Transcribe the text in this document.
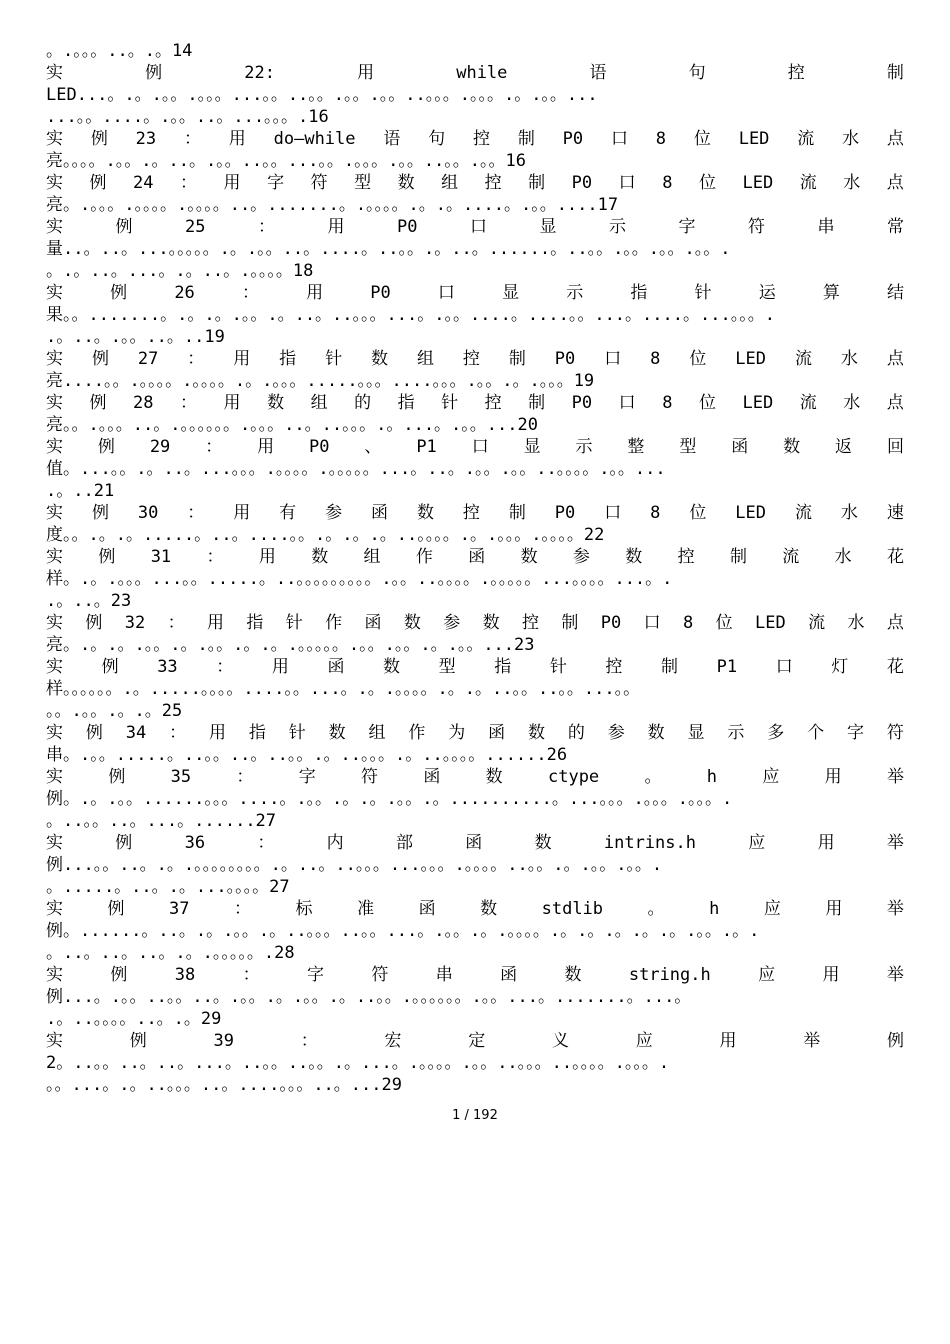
。.。。。..。.。14
实	例	22:	用	while	语	句	控	制
LED...。.。.。。.。。。...。。..。。.。。.。。..。。。.。。。.。.。。...
...。。....。.。。..。...。。。.16
实 例 23 ： 用 do—while 语 句 控 制 P0 口 8 位 LED 流 水 点
亮。。。。.。。.。..。.。。..。。...。。.。。。.。。..。。.。。16
实 例 24 ： 用 字 符 型 数 组 控 制 P0 口 8 位 LED 流 水 点
亮。.。。。.。。。。.。。。。..。.......。.。。。。.。.。....。.。。....17
实	例	25	：	用	P0	口	显	示	字	符	串	常
量..。..。...。。。。。.。.。。..。....。..。。.。..。......。..。。.。。.。。.。。.
。.。..。...。.。..。.。。。。18
实	例	26	：	用	P0	口	显	示	指	针	运	算	结
果。。.......。.。.。.。。.。..。..。。。...。.。。....。....。。...。....。...。。。.
.。..。.。。..。..19
实 例 27 ： 用 指 针 数 组 控 制 P0 口 8 位 LED 流 水 点
亮....。。.。。。。.。。。。.。.。。。.....。。。....。。。.。。.。.。。。19
实 例 28 ： 用 数 组 的 指 针 控 制 P0 口 8 位 LED 流 水 点
亮。。.。。。..。.。。。。。。.。。。..。..。。。.。...。.。。...20
实 例 29 ： 用 P0 、 P1 口 显 示 整 型 函 数 返 回
值。...。。.。..。...。。。.。。。。.。。。。。...。..。.。。.。。..。。。。.。。...
.。..21
实 例 30 ： 用 有 参 函 数 控 制 P0 口 8 位 LED 流 水 速
度。。.。.。.....。..。....。。.。.。.。..。。。。.。.。。。.。。。。22
实 例 31 ： 用 数 组 作 函 数 参 数 控 制 流 水 花
样。.。.。。。...。。.....。..。。。。。。。。。.。。..。。。。.。。。。。...。。。。...。.
.。..。23
实 例 32 ： 用 指 针 作 函 数 参 数 控 制 P0 口 8 位 LED 流 水 点
亮。.。.。.。。.。.。。.。.。.。。。。。.。。.。。.。.。。...23
实 例 33 ： 用 函 数 型 指 针 控 制 P1 口 灯 花
样。。。。。。.。.....。。。。....。。...。.。.。。。。.。.。..。。..。。...。。
。。.。。.。.。25
实 例 34 ： 用 指 针 数 组 作 为 函 数 的 参 数 显 示 多 个 字 符
串。.。。.....。..。。..。..。。.。..。。。.。..。。。。......26
实	例	35	：	字	符	函	数	ctype	。	h	应	用	举
例。.。.。。......。。。....。.。。.。.。.。。.。..........。...。。。.。。。.。。。.
。..。。..。...。......27
实	例	36	：	内	部	函	数	intrins.h	应	用	举
例...。。..。.。.。。。。。。。。.。..。..。。。...。。。.。。。。..。。.。.。。.。。.
。.....。..。.。...。。。。27
实	例	37	：	标	准	函	数	stdlib	。	h	应	用	举
例。......。..。.。.。。.。..。。。..。。...。.。。.。.。。。。.。.。.。.。.。.。。.。.
。..。..。..。.。.。。。。。.28
实	例	38	：	字	符	串	函	数	string.h	应	用	举
例...。.。。..。。..。.。。.。.。。.。..。。.。。。。。。.。。...。.......。...。
.。..。。。。..。.。29
实	例	39	：	宏	定	义	应	用	举	例
2。..。。..。..。...。..。。..。。.。...。.。。。。.。。..。。。..。。。。.。。。.
。。...。.。..。。。..。....。。。..。...29
1 / 192
